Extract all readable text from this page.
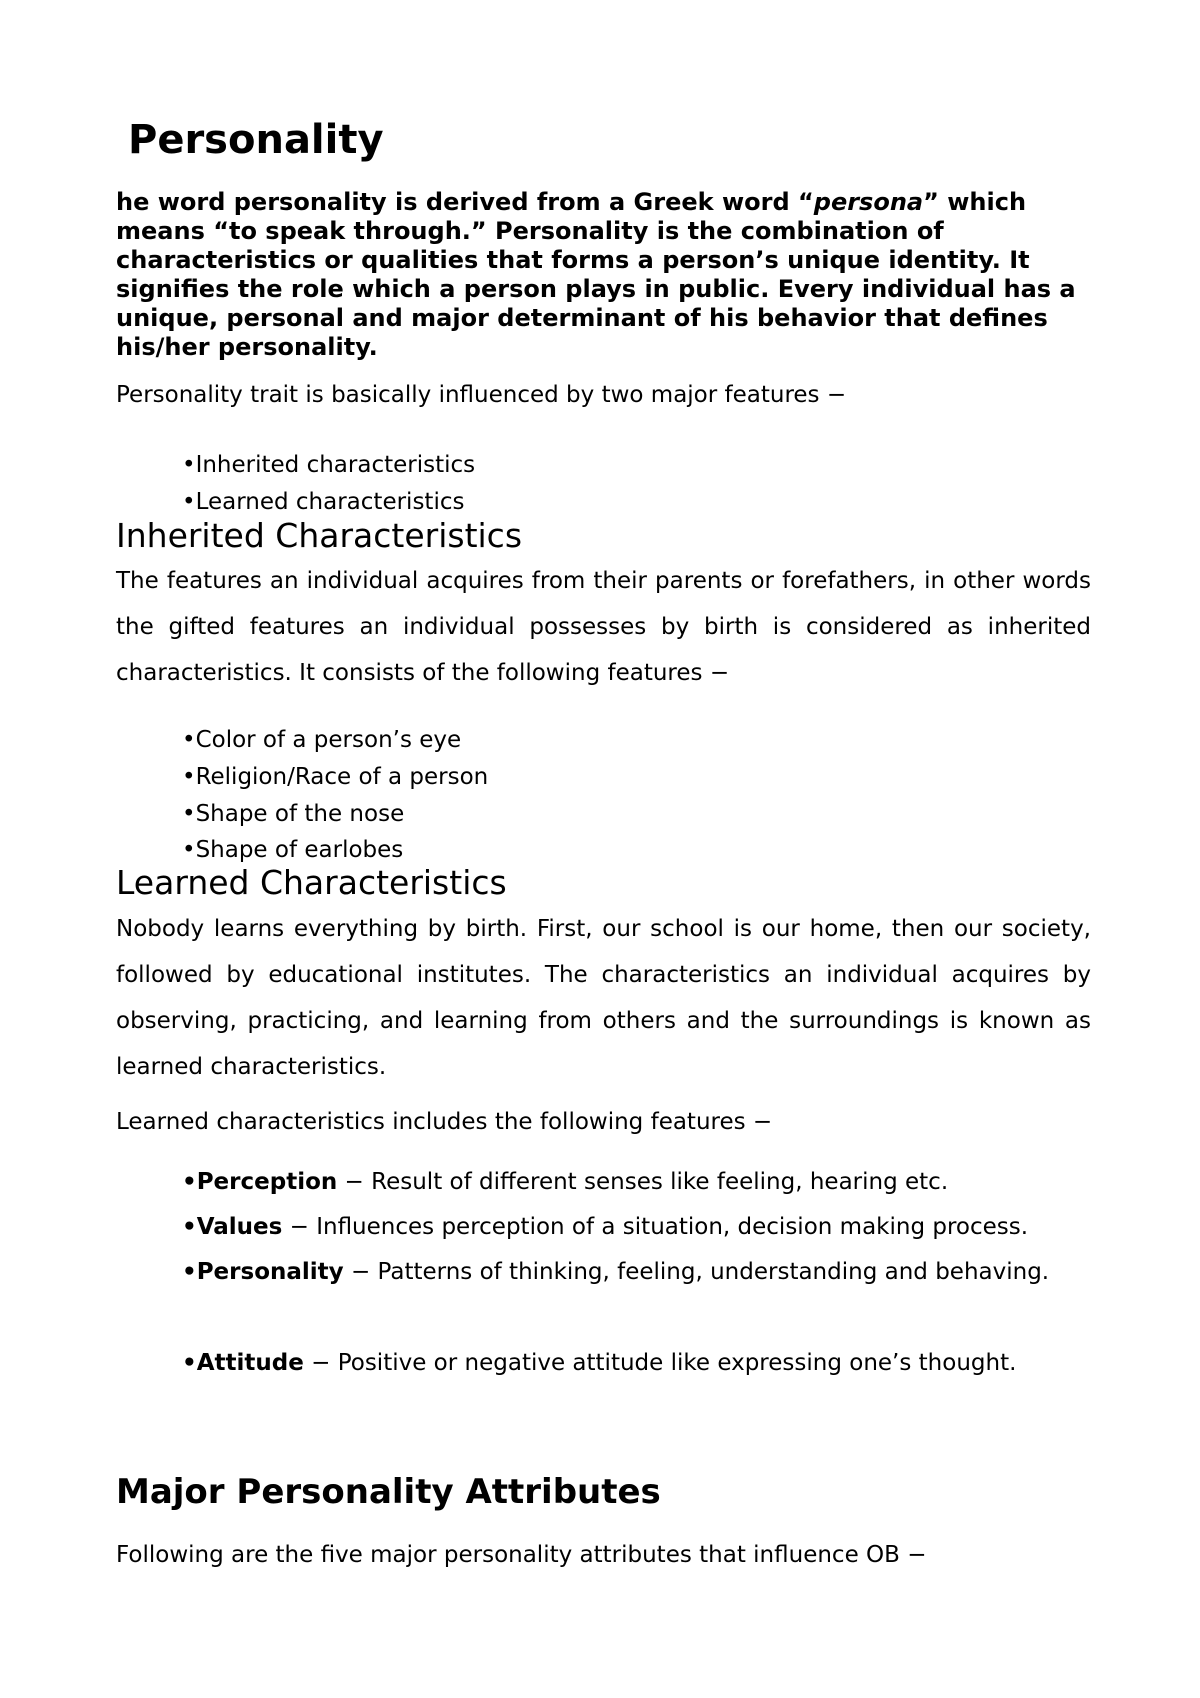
Personality

he word personality is derived from a Greek word “persona” which means “to speak through.” Personality is the combination of characteristics or qualities that forms a person’s unique identity. It signifies the role which a person plays in public. Every individual has a unique, personal and major determinant of his behavior that defines his/her personality.

Personality trait is basically influenced by two major features −
•Inherited characteristics
•Learned characteristics
Inherited Characteristics

The features an individual acquires from their parents or forefathers, in other words the gifted features an individual possesses by birth is considered as inherited characteristics. It consists of the following features −

•Color of a person’s eye
•Religion/Race of a person
•Shape of the nose
•Shape of earlobes
Learned Characteristics

Nobody learns everything by birth. First, our school is our home, then our society, followed by educational institutes. The characteristics an individual acquires by observing, practicing, and learning from others and the surroundings is known as learned characteristics.

Learned characteristics includes the following features −
•Perception − Result of different senses like feeling, hearing etc.
•Values − Influences perception of a situation, decision making process.
•Personality − Patterns of thinking, feeling, understanding and behaving.
•Attitude − Positive or negative attitude like expressing one’s thought.
Major Personality Attributes
Following are the five major personality attributes that influence OB −
